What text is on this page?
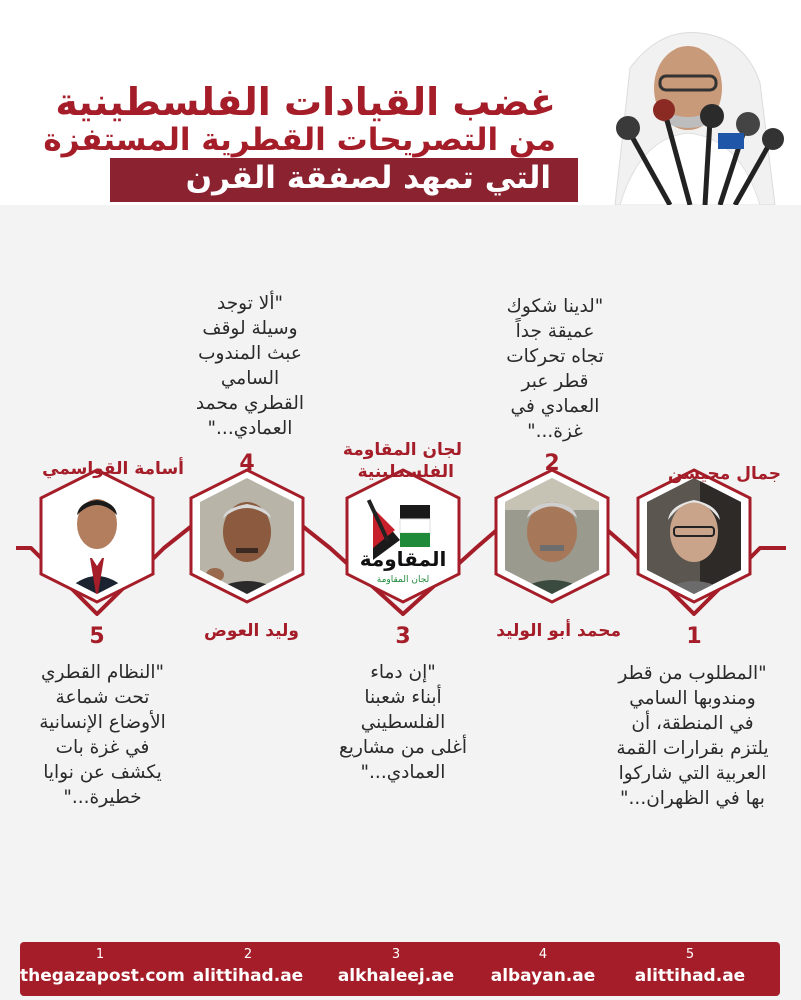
غضب القيادات الفلسطينية
من التصريحات القطرية المستفزة
التي تمهد لصفقة القرن
المقاومة
لجان المقاومة
1
2
3
4
5
جمال محيسن
محمد أبو الوليد
لجان المقاومة
الفلسطينية
وليد العوض
أسامة القواسمي
"لدينا شكوك
عميقة جداً
تجاه تحركات
قطر عبر
العمادي في
غزة..."
"ألا توجد
وسيلة لوقف
عبث المندوب
السامي
القطري محمد
العمادي..."
"المطلوب من قطر
ومندوبها السامي
في المنطقة، أن
يلتزم بقرارات القمة
العربية التي شاركوا
بها في الظهران..."
"إن دماء
أبناء شعبنا
الفلسطيني
أغلى من مشاريع
العمادي..."
"النظام القطري
تحت شماعة
الأوضاع الإنسانية
في غزة بات
يكشف عن نوايا
خطيرة..."
1
thegazapost.com
2
alittihad.ae
3
alkhaleej.ae
4
albayan.ae
5
alittihad.ae
